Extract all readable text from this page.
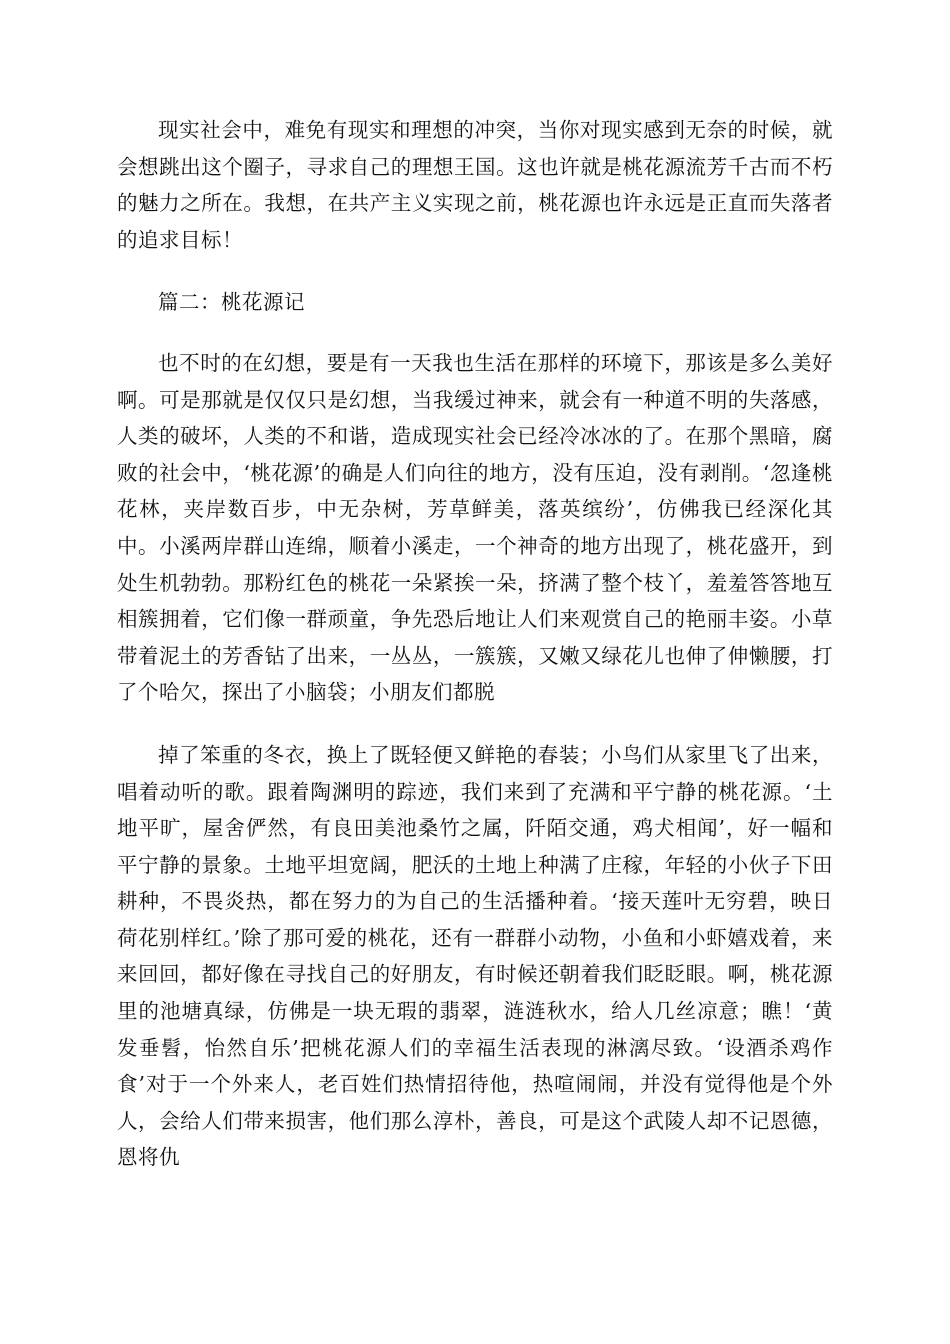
现实社会中，难免有现实和理想的冲突，当你对现实感到无奈的时候，就会想跳出这个圈子，寻求自己的理想王国。这也许就是桃花源流芳千古而不朽的魅力之所在。我想，在共产主义实现之前，桃花源也许永远是正直而失落者的追求目标！

篇二：桃花源记

也不时的在幻想，要是有一天我也生活在那样的环境下，那该是多么美好啊。可是那就是仅仅只是幻想，当我缓过神来，就会有一种道不明的失落感，人类的破坏，人类的不和谐，造成现实社会已经冷冰冰的了。在那个黑暗，腐败的社会中，‘桃花源’的确是人们向往的地方，没有压迫，没有剥削。‘忽逢桃花林，夹岸数百步，中无杂树，芳草鲜美，落英缤纷’，仿佛我已经深化其中。小溪两岸群山连绵，顺着小溪走，一个神奇的地方出现了，桃花盛开，到处生机勃勃。那粉红色的桃花一朵紧挨一朵，挤满了整个枝丫，羞羞答答地互相簇拥着，它们像一群顽童，争先恐后地让人们来观赏自己的艳丽丰姿。小草带着泥土的芳香钻了出来，一丛丛，一簇簇，又嫩又绿花儿也伸了伸懒腰，打了个哈欠，探出了小脑袋；小朋友们都脱

掉了笨重的冬衣，换上了既轻便又鲜艳的春装；小鸟们从家里飞了出来，唱着动听的歌。跟着陶渊明的踪迹，我们来到了充满和平宁静的桃花源。‘土地平旷，屋舍俨然，有良田美池桑竹之属，阡陌交通，鸡犬相闻’，好一幅和平宁静的景象。土地平坦宽阔，肥沃的土地上种满了庄稼，年轻的小伙子下田耕种，不畏炎热，都在努力的为自己的生活播种着。‘接天莲叶无穷碧，映日荷花别样红。’除了那可爱的桃花，还有一群群小动物，小鱼和小虾嬉戏着，来来回回，都好像在寻找自己的好朋友，有时候还朝着我们眨眨眼。啊，桃花源里的池塘真绿，仿佛是一块无瑕的翡翠，涟涟秋水，给人几丝凉意；瞧！‘黄发垂髫，怡然自乐’把桃花源人们的幸福生活表现的淋漓尽致。‘设酒杀鸡作食’对于一个外来人，老百姓们热情招待他，热喧闹闹，并没有觉得他是个外人，会给人们带来损害，他们那么淳朴，善良，可是这个武陵人却不记恩德，恩将仇
